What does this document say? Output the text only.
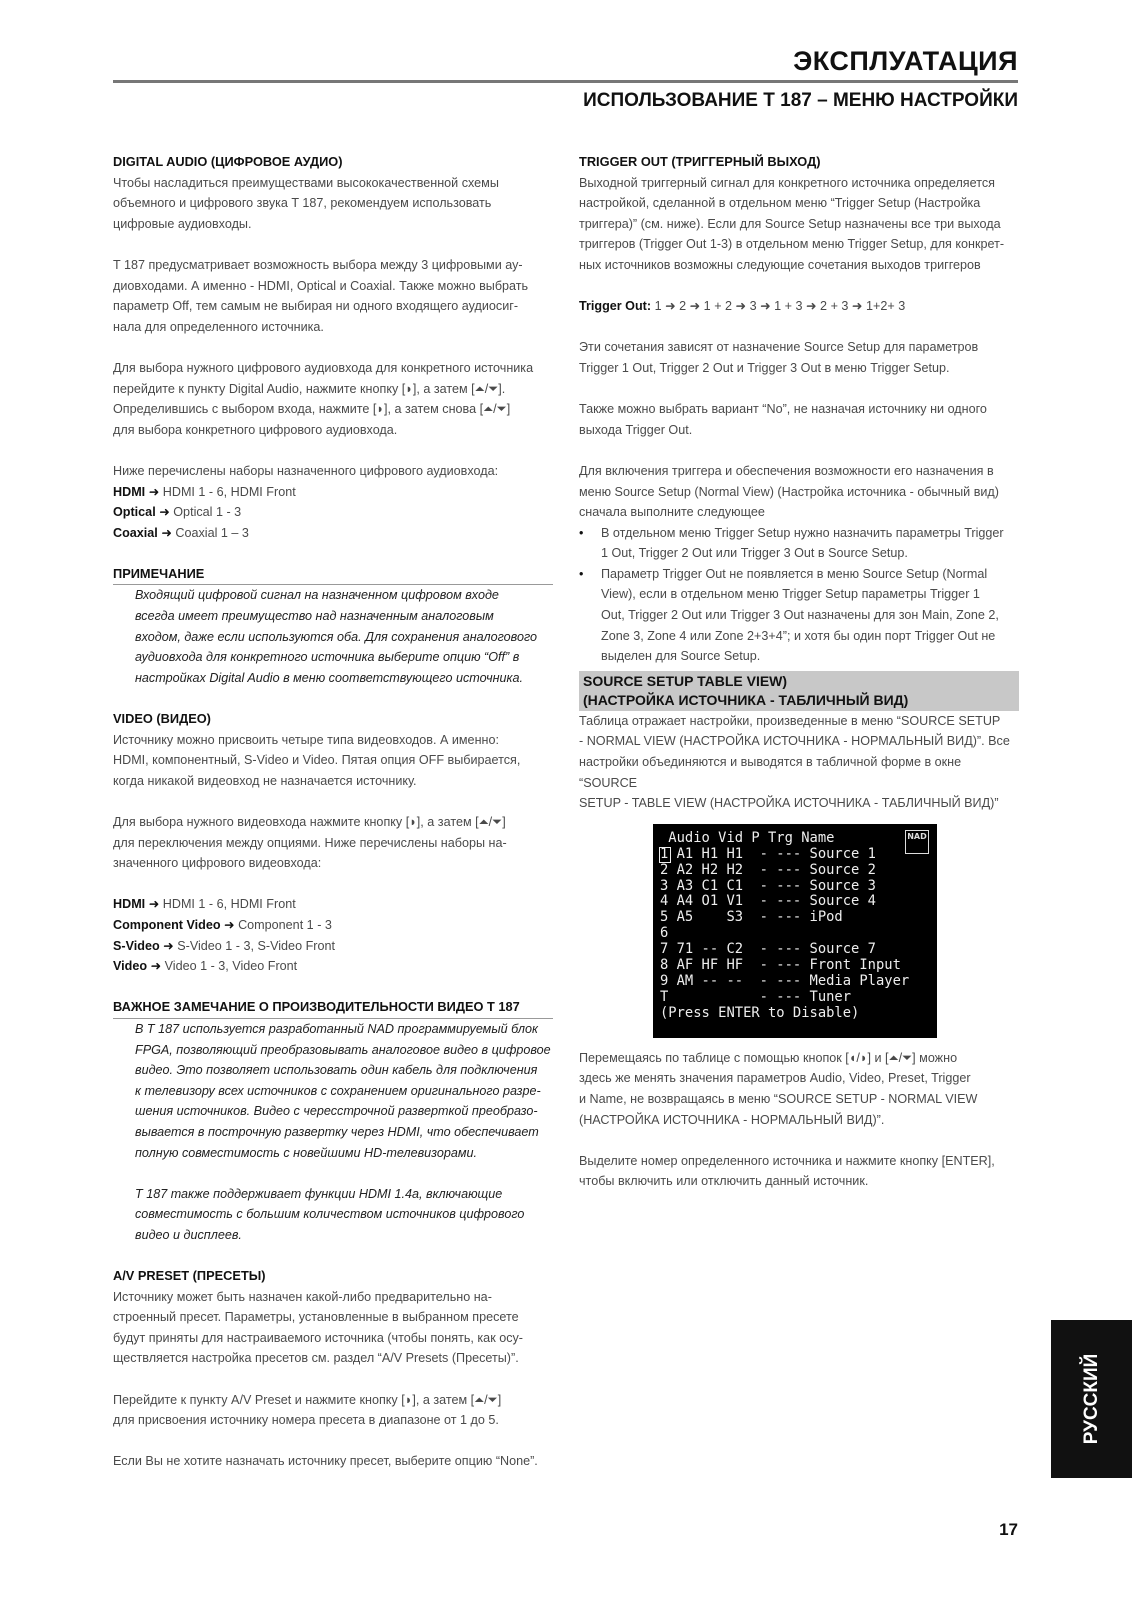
ЭКСПЛУАТАЦИЯ
ИСПОЛЬЗОВАНИЕ T 187 – МЕНЮ НАСТРОЙКИ
DIGITAL AUDIO (ЦИФРОВОЕ АУДИО)
Чтобы насладиться преимуществами высококачественной схемы
объемного и цифрового звука T 187, рекомендуем использовать
цифровые аудиовходы.
T 187 предусматривает возможность выбора между 3 цифровыми ау-
диовходами. А именно - HDMI, Optical и Coaxial. Также можно выбрать
параметр Off, тем самым не выбирая ни одного входящего аудиосиг-
нала для определенного источника.
Для выбора нужного цифрового аудиовхода для конкретного источника
перейдите к пункту Digital Audio, нажмите кнопку [◗], а затем [⏶/⏷].
Определившись с выбором входа, нажмите [◗], а затем снова [⏶/⏷]
для выбора конкретного цифрового аудиовхода.
Ниже перечислены наборы назначенного цифрового аудиовхода:
HDMI ➜ HDMI 1 - 6, HDMI Front
Optical ➜ Optical 1 - 3
Coaxial ➜ Coaxial 1 – 3
ПРИМЕЧАНИЕ
Входящий цифровой сигнал на назначенном цифровом входе
всегда имеет преимущество над назначенным аналоговым
входом, даже если используются оба. Для сохранения аналогового
аудиовхода для конкретного источника выберите опцию “Off” в
настройках Digital Audio в меню соответствующего источника.
VIDEO (ВИДЕО)
Источнику можно присвоить четыре типа видеовходов. А именно:
HDMI, компонентный, S-Video и Video. Пятая опция OFF выбирается,
когда никакой видеовход не назначается источнику.
Для выбора нужного видеовхода нажмите кнопку [◗], а затем [⏶/⏷]
для переключения между опциями. Ниже перечислены наборы на-
значенного цифрового видеовхода:
HDMI ➜ HDMI 1 - 6, HDMI Front
Component Video ➜ Component 1 - 3
S-Video ➜ S-Video 1 - 3, S-Video Front
Video ➜ Video 1 - 3, Video Front
ВАЖНОЕ ЗАМЕЧАНИЕ О ПРОИЗВОДИТЕЛЬНОСТИ ВИДЕО T 187
В T 187 используется разработанный NAD программируемый блок
FPGA, позволяющий преобразовывать аналоговое видео в цифровое
видео. Это позволяет использовать один кабель для подключения
к телевизору всех источников с сохранением оригинального разре-
шения источников. Видео с чересстрочной разверткой преобразо-
вывается в построчную развертку через HDMI, что обеспечивает
полную совместимость с новейшими HD-телевизорами.
T 187 также поддерживает функции HDMI 1.4a, включающие
совместимость с большим количеством источников цифрового
видео и дисплеев.
A/V PRESET (ПРЕСЕТЫ)
Источнику может быть назначен какой-либо предварительно на-
строенный пресет. Параметры, установленные в выбранном пресете
будут приняты для настраиваемого источника (чтобы понять, как осу-
ществляется настройка пресетов см. раздел “A/V Presets (Пресеты)”.
Перейдите к пункту A/V Preset и нажмите кнопку [◗], а затем [⏶/⏷]
для присвоения источнику номера пресета в диапазоне от 1 до 5.
Если Вы не хотите назначать источнику пресет, выберите опцию “None”.
TRIGGER OUT (ТРИГГЕРНЫЙ ВЫХОД)
Выходной триггерный сигнал для конкретного источника определяется
настройкой, сделанной в отдельном меню “Trigger Setup (Настройка
триггера)” (см. ниже). Если для Source Setup назначены все три выхода
триггеров (Trigger Out 1-3) в отдельном меню Trigger Setup, для конкрет-
ных источников возможны следующие сочетания выходов триггеров
Trigger Out: 1 ➜ 2 ➜ 1 + 2 ➜ 3 ➜ 1 + 3 ➜ 2 + 3 ➜ 1+2+ 3
Эти сочетания зависят от назначение Source Setup для параметров
Trigger 1 Out, Trigger 2 Out и Trigger 3 Out в меню Trigger Setup.
Также можно выбрать вариант “No”, не назначая источнику ни одного
выхода Trigger Out.
Для включения триггера и обеспечения возможности его назначения в
меню Source Setup (Normal View) (Настройка источника - обычный вид)
сначала выполните следующее
• В отдельном меню Trigger Setup нужно назначить параметры Trigger
1 Out, Trigger 2 Out или Trigger 3 Out в Source Setup.
• Параметр Trigger Out не появляется в меню Source Setup (Normal
View), если в отдельном меню Trigger Setup параметры Trigger 1
Out, Trigger 2 Out или Trigger 3 Out назначены для зон Main, Zone 2,
Zone 3, Zone 4 или Zone 2+3+4”; и хотя бы один порт Trigger Out не
выделен для Source Setup.
SOURCE SETUP TABLE VIEW)
(НАСТРОЙКА ИСТОЧНИКА - ТАБЛИЧНЫЙ ВИД)
Таблица отражает настройки, произведенные в меню “SOURCE SETUP
- NORMAL VIEW (НАСТРОЙКА ИСТОЧНИКА - НОРМАЛЬНЫЙ ВИД)”. Все
настройки объединяются и выводятся в табличной форме в окне “SOURCE
SETUP - TABLE VIEW (НАСТРОЙКА ИСТОЧНИКА - ТАБЛИЧНЫЙ ВИД)”
NAD
Audio Vid P Trg Name
1 A1 H1 H1  - --- Source 1
2 A2 H2 H2  - --- Source 2
3 A3 C1 C1  - --- Source 3
4 A4 O1 V1  - --- Source 4
5 A5    S3  - --- iPod
6
7 71 -- C2  - --- Source 7
8 AF HF HF  - --- Front Input
9 AM -- --  - --- Media Player
T           - --- Tuner
(Press ENTER to Disable)
Перемещаясь по таблице с помощью кнопок [◖/◗] и [⏶/⏷] можно
здесь же менять значения параметров Audio, Video, Preset, Trigger
и Name, не возвращаясь в меню “SOURCE SETUP - NORMAL VIEW
(НАСТРОЙКА ИСТОЧНИКА - НОРМАЛЬНЫЙ ВИД)”.
Выделите номер определенного источника и нажмите кнопку [ENTER],
чтобы включить или отключить данный источник.
РУССКИЙ
17
